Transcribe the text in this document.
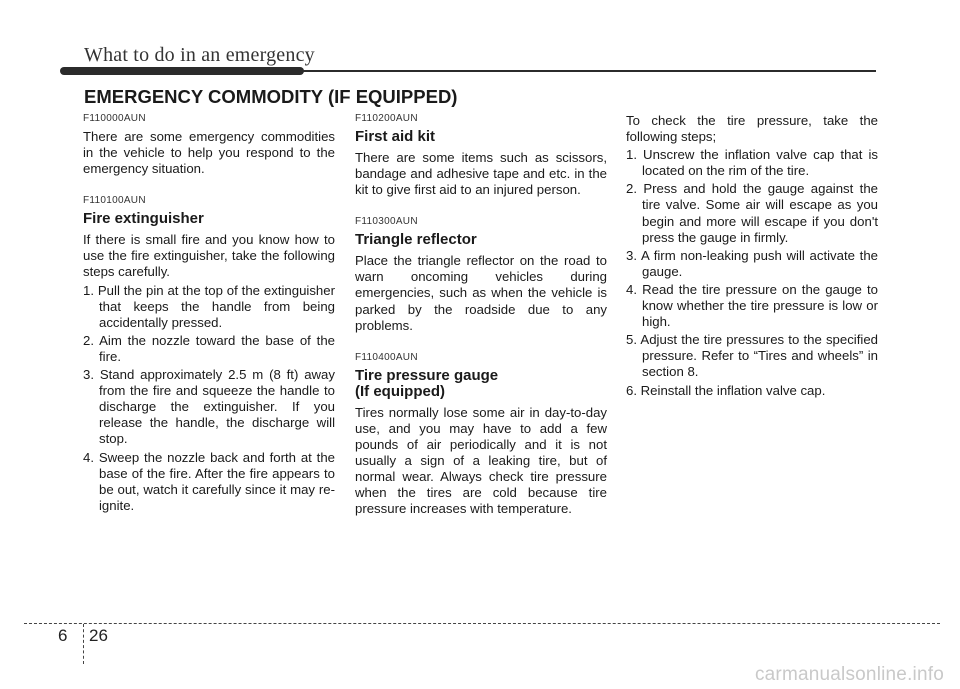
What to do in an emergency
EMERGENCY COMMODITY (IF EQUIPPED)
F110000AUN

There are some emergency commodities in the vehicle to help you respond to the emergency situation.

F110100AUN
Fire extinguisher

If there is small fire and you know how to use the fire extinguisher, take the following steps carefully.

1. Pull the pin at the top of the extinguisher that keeps the handle from being accidentally pressed.
2. Aim the nozzle toward the base of the fire.
3. Stand approximately 2.5 m (8 ft) away from the fire and squeeze the handle to discharge the extinguisher. If you release the handle, the discharge will stop.
4. Sweep the nozzle back and forth at the base of the fire. After the fire appears to be out, watch it carefully since it may re-ignite.
F110200AUN
First aid kit

There are some items such as scissors, bandage and adhesive tape and etc. in the kit to give first aid to an injured person.

F110300AUN
Triangle reflector

Place the triangle reflector on the road to warn oncoming vehicles during emergencies, such as when the vehicle is parked by the roadside due to any problems.

F110400AUN
Tire pressure gauge
(If equipped)

Tires normally lose some air in day-to-day use, and you may have to add a few pounds of air periodically and it is not usually a sign of a leaking tire, but of normal wear. Always check tire pressure when the tires are cold because tire pressure increases with temperature.

To check the tire pressure, take the following steps;

1. Unscrew the inflation valve cap that is located on the rim of the tire.
2. Press and hold the gauge against the tire valve. Some air will escape as you begin and more will escape if you don't press the gauge in firmly.
3. A firm non-leaking push will activate the gauge.
4. Read the tire pressure on the gauge to know whether the tire pressure is low or high.
5. Adjust the tire pressures to the specified pressure. Refer to “Tires and wheels” in section 8.
6. Reinstall the inflation valve cap.
6 26
carmanualsonline.info
